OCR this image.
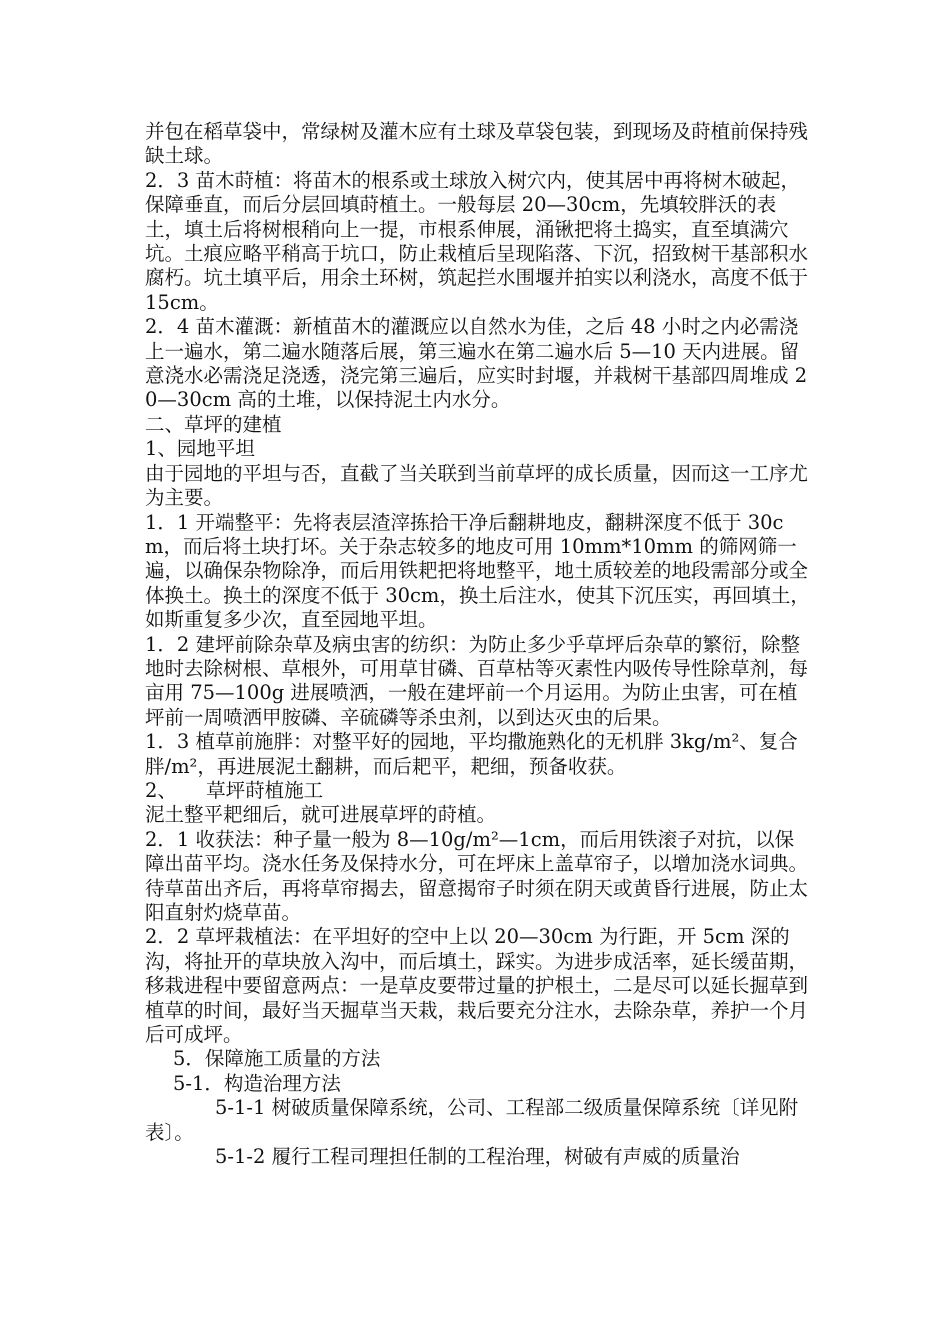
并包在稻草袋中，常绿树及灌木应有土球及草袋包装，到现场及莳植前保持残缺土球。

2．3 苗木莳植：将苗木的根系或土球放入树穴内，使其居中再将树木破起，保障垂直，而后分层回填莳植土。一般每层 20—30cm，先填较胖沃的表土，填土后将树根稍向上一提，市根系伸展，涌锹把将土捣实，直至填满穴坑。土痕应略平稍高于坑口，防止栽植后呈现陷落、下沉，招致树干基部积水腐朽。坑土填平后，用余土环树，筑起拦水围堰并拍实以利浇水，高度不低于 15cm。

2．4 苗木灌溉：新植苗木的灌溉应以自然水为佳，之后 48 小时之内必需浇上一遍水，第二遍水随落后展，第三遍水在第二遍水后 5—10 天内进展。留意浇水必需浇足浇透，浇完第三遍后，应实时封堰，并栽树干基部四周堆成 20—30cm 高的土堆，以保持泥土内水分。

二、草坪的建植

1、园地平坦

由于园地的平坦与否，直截了当关联到当前草坪的成长质量，因而这一工序尤为主要。

1．1 开端整平：先将表层渣滓拣拾干净后翻耕地皮，翻耕深度不低于 30cm，而后将土块打坏。关于杂志较多的地皮可用 10mm*10mm 的筛网筛一遍，以确保杂物除净，而后用铁耙把将地整平，地土质较差的地段需部分或全体换土。换土的深度不低于 30cm，换土后注水，使其下沉压实，再回填土，如斯重复多少次，直至园地平坦。

1．2 建坪前除杂草及病虫害的纺织：为防止多少乎草坪后杂草的繁衍，除整地时去除树根、草根外，可用草甘磷、百草枯等灭素性内吸传导性除草剂，每亩用 75—100g 进展喷洒，一般在建坪前一个月运用。为防止虫害，可在植坪前一周喷洒甲胺磷、辛硫磷等杀虫剂，以到达灭虫的后果。

1．3 植草前施胖：对整平好的园地，平均撒施熟化的无机胖 3kg/m²、复合胖/m²，再进展泥土翻耕，而后耙平，耙细，预备收获。

2、　　草坪莳植施工

泥土整平耙细后，就可进展草坪的莳植。

2．1 收获法：种子量一般为 8—10g/m²—1cm，而后用铁滚子对抗，以保障出苗平均。浇水任务及保持水分，可在坪床上盖草帘子，以增加浇水词典。待草苗出齐后，再将草帘揭去，留意揭帘子时须在阴天或黄昏行进展，防止太阳直射灼烧草苗。

2．2 草坪栽植法：在平坦好的空中上以 20—30cm 为行距，开 5cm 深的沟，将扯开的草块放入沟中，而后填土，踩实。为进步成活率，延长缓苗期，移栽进程中要留意两点：一是草皮要带过量的护根土，二是尽可以延长掘草到植草的时间，最好当天掘草当天栽，栽后要充分注水，去除杂草，养护一个月后可成坪。

5．保障施工质量的方法

5-1．构造治理方法

5-1-1 树破质量保障系统，公司、工程部二级质量保障系统〔详见附表〕。

5-1-2 履行工程司理担任制的工程治理，树破有声威的质量治
